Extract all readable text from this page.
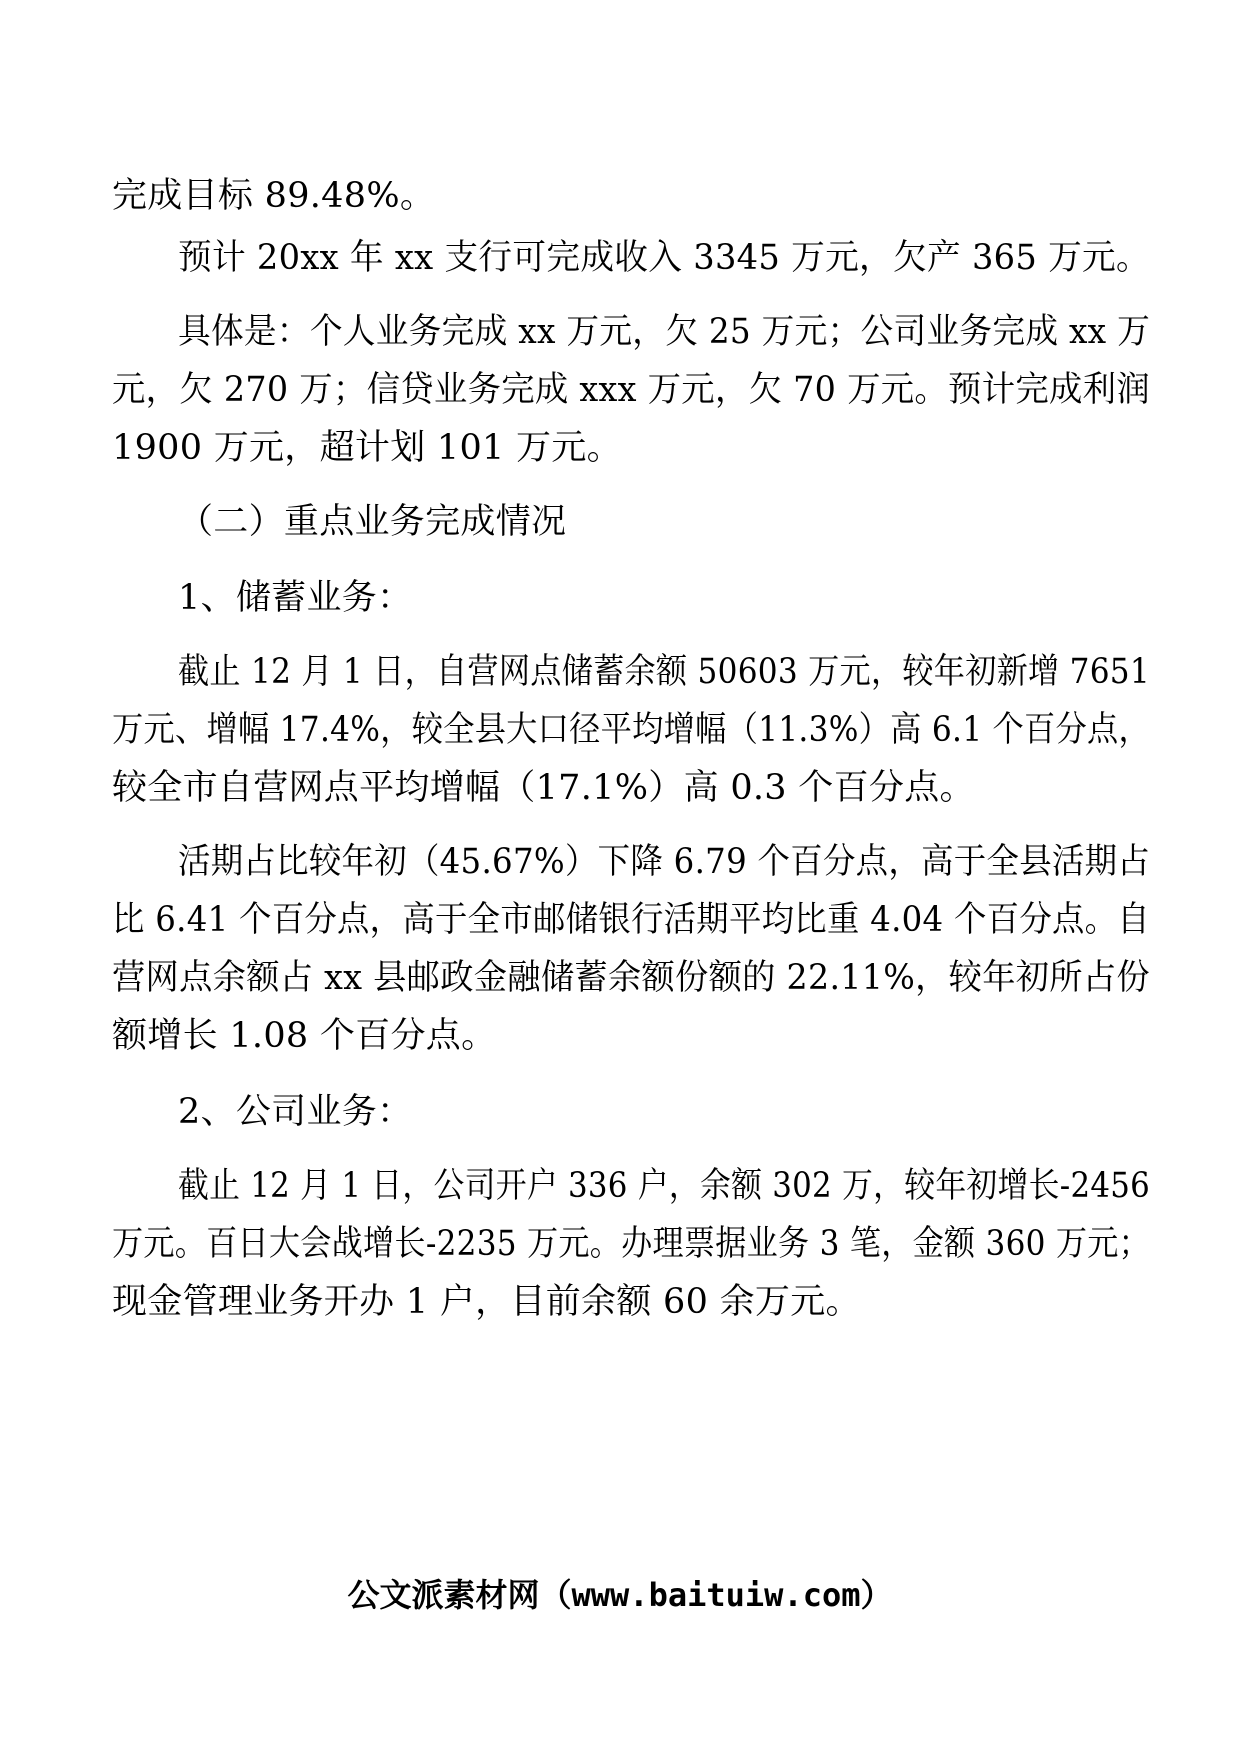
完成目标 89.48%。
预计 20xx 年 xx 支行可完成收入 3345 万元，欠产 365 万元。
具体是：个人业务完成 xx 万元，欠 25 万元；公司业务完成 xx 万
元，欠 270 万；信贷业务完成 xxx 万元，欠 70 万元。预计完成利润
1900 万元，超计划 101 万元。
（二）重点业务完成情况
1、储蓄业务：
截止 12 月 1 日，自营网点储蓄余额 50603 万元，较年初新增 7651
万元、增幅 17.4%，较全县大口径平均增幅（11.3%）高 6.1 个百分点，
较全市自营网点平均增幅（17.1%）高 0.3 个百分点。
活期占比较年初（45.67%）下降 6.79 个百分点，高于全县活期占
比 6.41 个百分点，高于全市邮储银行活期平均比重 4.04 个百分点。自
营网点余额占 xx 县邮政金融储蓄余额份额的 22.11%，较年初所占份
额增长 1.08 个百分点。
2、公司业务：
截止 12 月 1 日，公司开户 336 户，余额 302 万，较年初增长-2456
万元。百日大会战增长-2235 万元。办理票据业务 3 笔，金额 360 万元；
现金管理业务开办 1 户，目前余额 60 余万元。
公文派素材网（www.baituiw.com）
